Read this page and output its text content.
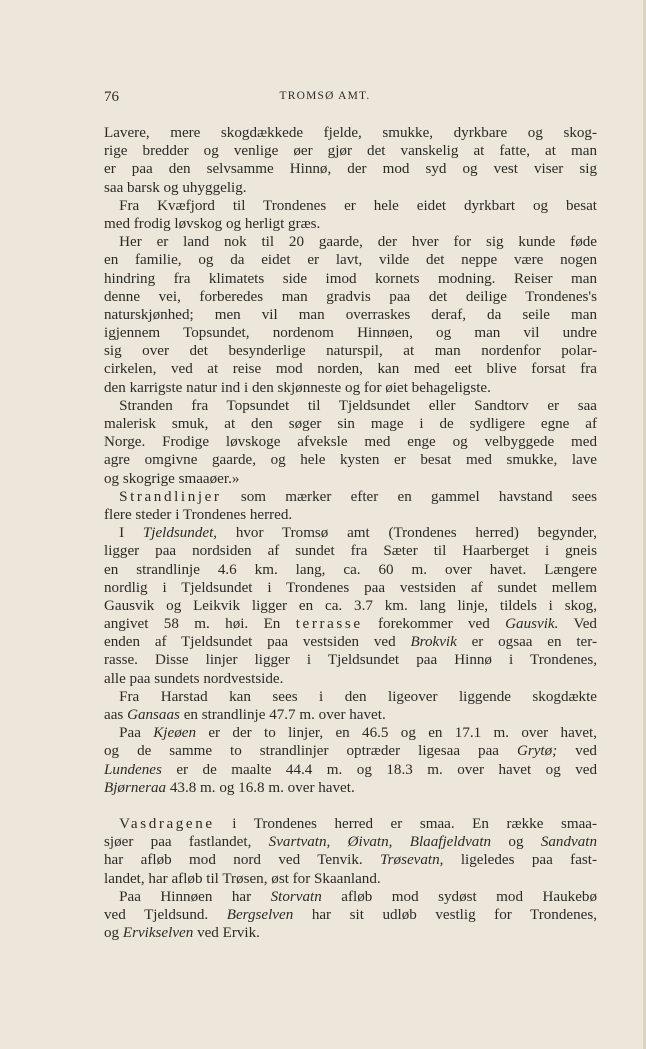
76	TROMSØ AMT.
Lavere, mere skogdækkede fjelde, smukke, dyrkbare og skog-
rige bredder og venlige øer gjør det vanskelig at fatte, at man
er paa den selvsamme Hinnø, der mod syd og vest viser sig
saa barsk og uhyggelig.
 Fra Kvæfjord til Trondenes er hele eidet dyrkbart og besat
med frodig løvskog og herligt græs.
 Her er land nok til 20 gaarde, der hver for sig kunde føde
en familie, og da eidet er lavt, vilde det neppe være nogen
hindring fra klimatets side imod kornets modning. Reiser man
denne vei, forberedes man gradvis paa det deilige Trondenes's
naturskjønhed; men vil man overraskes deraf, da seile man
igjennem Topsundet, nordenom Hinnøen, og man vil undre
sig over det besynderlige naturspil, at man nordenfor polar-
cirkelen, ved at reise mod norden, kan med eet blive forsat fra
den karrigste natur ind i den skjønneste og for øiet behageligste.
 Stranden fra Topsundet til Tjeldsundet eller Sandtorv er saa
malerisk smuk, at den søger sin mage i de sydligere egne af
Norge. Frodige løvskoge afveksle med enge og velbyggede med
agre omgivne gaarde, og hele kysten er besat med smukke, lave
og skogrige smaaøer.»
 Strandlinjer som mærker efter en gammel havstand sees
flere steder i Trondenes herred.
 I Tjeldsundet, hvor Tromsø amt (Trondenes herred) begynder,
ligger paa nordsiden af sundet fra Sæter til Haarberget i gneis
en strandlinje 4.6 km. lang, ca. 60 m. over havet. Længere
nordlig i Tjeldsundet i Trondenes paa vestsiden af sundet mellem
Gausvik og Leikvik ligger en ca. 3.7 km. lang linje, tildels i skog,
angivet 58 m. høi. En terrasse forekommer ved Gausvik. Ved
enden af Tjeldsundet paa vestsiden ved Brokvik er ogsaa en ter-
rasse. Disse linjer ligger i Tjeldsundet paa Hinnø i Trondenes,
alle paa sundets nordvestside.
 Fra Harstad kan sees i den ligeover liggende skogdækte
aas Gansaas en strandlinje 47.7 m. over havet.
 Paa Kjeøen er der to linjer, en 46.5 og en 17.1 m. over havet,
og de samme to strandlinjer optræder ligesaa paa Grytø; ved
Lundenes er de maalte 44.4 m. og 18.3 m. over havet og ved
Bjørneraa 43.8 m. og 16.8 m. over havet.
 Vasdragene i Trondenes herred er smaa. En række smaa-
sjøer paa fastlandet, Svartvatn, Øivatn, Blaafjeldvatn og Sandvatn
har afløb mod nord ved Tenvik. Trøsevatn, ligeledes paa fast-
landet, har afløb til Trøsen, øst for Skaanland.
 Paa Hinnøen har Storvatn afløb mod sydøst mod Haukebø
ved Tjeldsund. Bergselven har sit udløb vestlig for Trondenes,
og Ervikselven ved Ervik.
